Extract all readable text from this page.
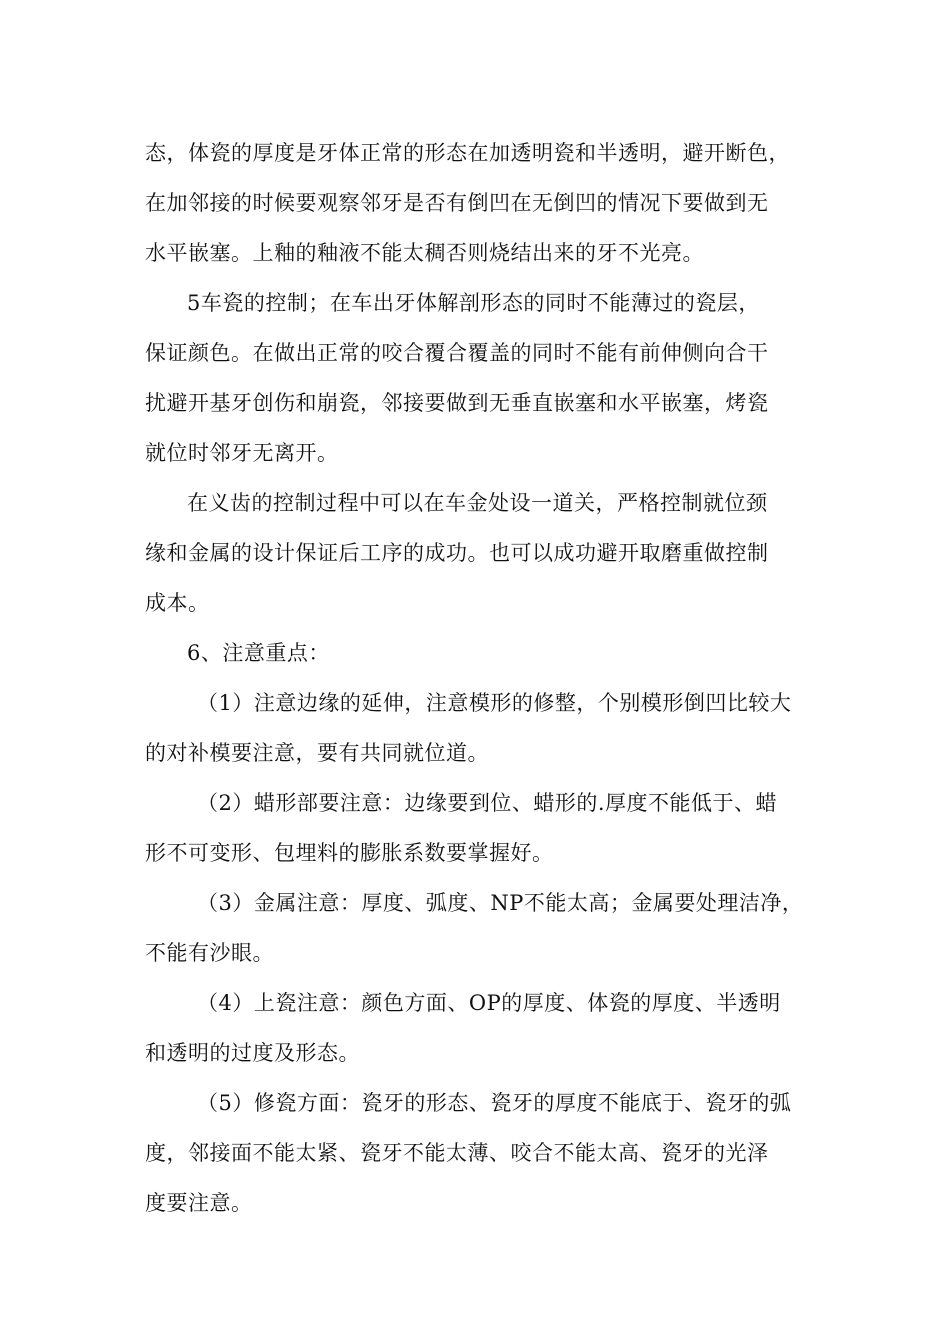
态，体瓷的厚度是牙体正常的形态在加透明瓷和半透明，避开断色，
在加邻接的时候要观察邻牙是否有倒凹在无倒凹的情况下要做到无
水平嵌塞。上釉的釉液不能太稠否则烧结出来的牙不光亮。
5车瓷的控制；在车出牙体解剖形态的同时不能薄过的瓷层，
保证颜色。在做出正常的咬合覆合覆盖的同时不能有前伸侧向合干
扰避开基牙创伤和崩瓷，邻接要做到无垂直嵌塞和水平嵌塞，烤瓷
就位时邻牙无离开。
在义齿的控制过程中可以在车金处设一道关，严格控制就位颈
缘和金属的设计保证后工序的成功。也可以成功避开取磨重做控制
成本。
6、注意重点：
（1）注意边缘的延伸，注意模形的修整，个别模形倒凹比较大
的对补模要注意，要有共同就位道。
（2）蜡形部要注意：边缘要到位、蜡形的.厚度不能低于、蜡
形不可变形、包埋料的膨胀系数要掌握好。
（3）金属注意：厚度、弧度、NP不能太高；金属要处理洁净，
不能有沙眼。
（4）上瓷注意：颜色方面、OP的厚度、体瓷的厚度、半透明
和透明的过度及形态。
（5）修瓷方面：瓷牙的形态、瓷牙的厚度不能底于、瓷牙的弧
度，邻接面不能太紧、瓷牙不能太薄、咬合不能太高、瓷牙的光泽
度要注意。
